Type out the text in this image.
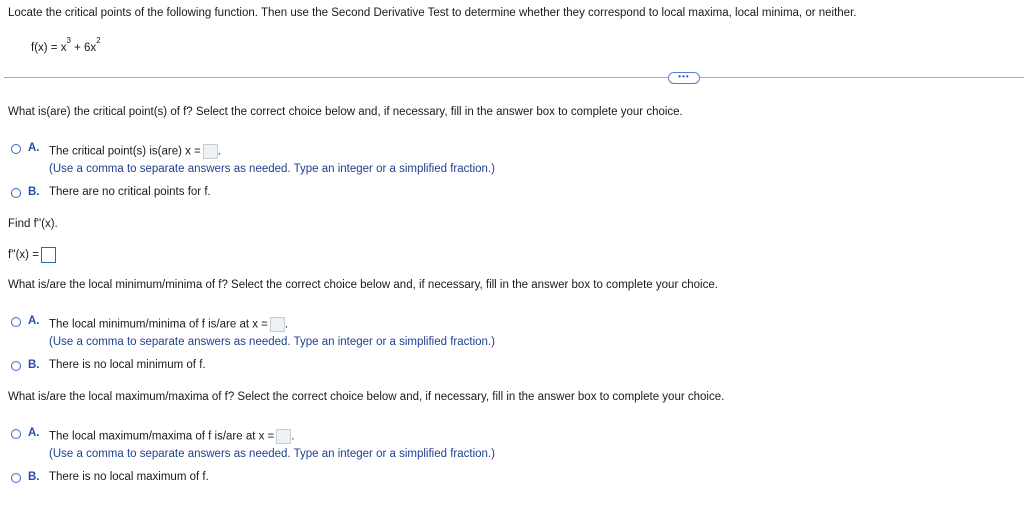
Locate the critical points of the following function. Then use the Second Derivative Test to determine whether they correspond to local maxima, local minima, or neither.
$f(x) = x^3 + 6x^2$
•••
What is(are) the critical point(s) of f? Select the correct choice below and, if necessary, fill in the answer box to complete your choice.
A. The critical point(s) is(are) x = .
(Use a comma to separate answers as needed. Type an integer or a simplified fraction.)
B. There are no critical points for f.
Find f''(x).
f''(x) =
What is/are the local minimum/minima of f? Select the correct choice below and, if necessary, fill in the answer box to complete your choice.
A. The local minimum/minima of f is/are at x = .
(Use a comma to separate answers as needed. Type an integer or a simplified fraction.)
B. There is no local minimum of f.
What is/are the local maximum/maxima of f? Select the correct choice below and, if necessary, fill in the answer box to complete your choice.
A. The local maximum/maxima of f is/are at x = .
(Use a comma to separate answers as needed. Type an integer or a simplified fraction.)
B. There is no local maximum of f.
